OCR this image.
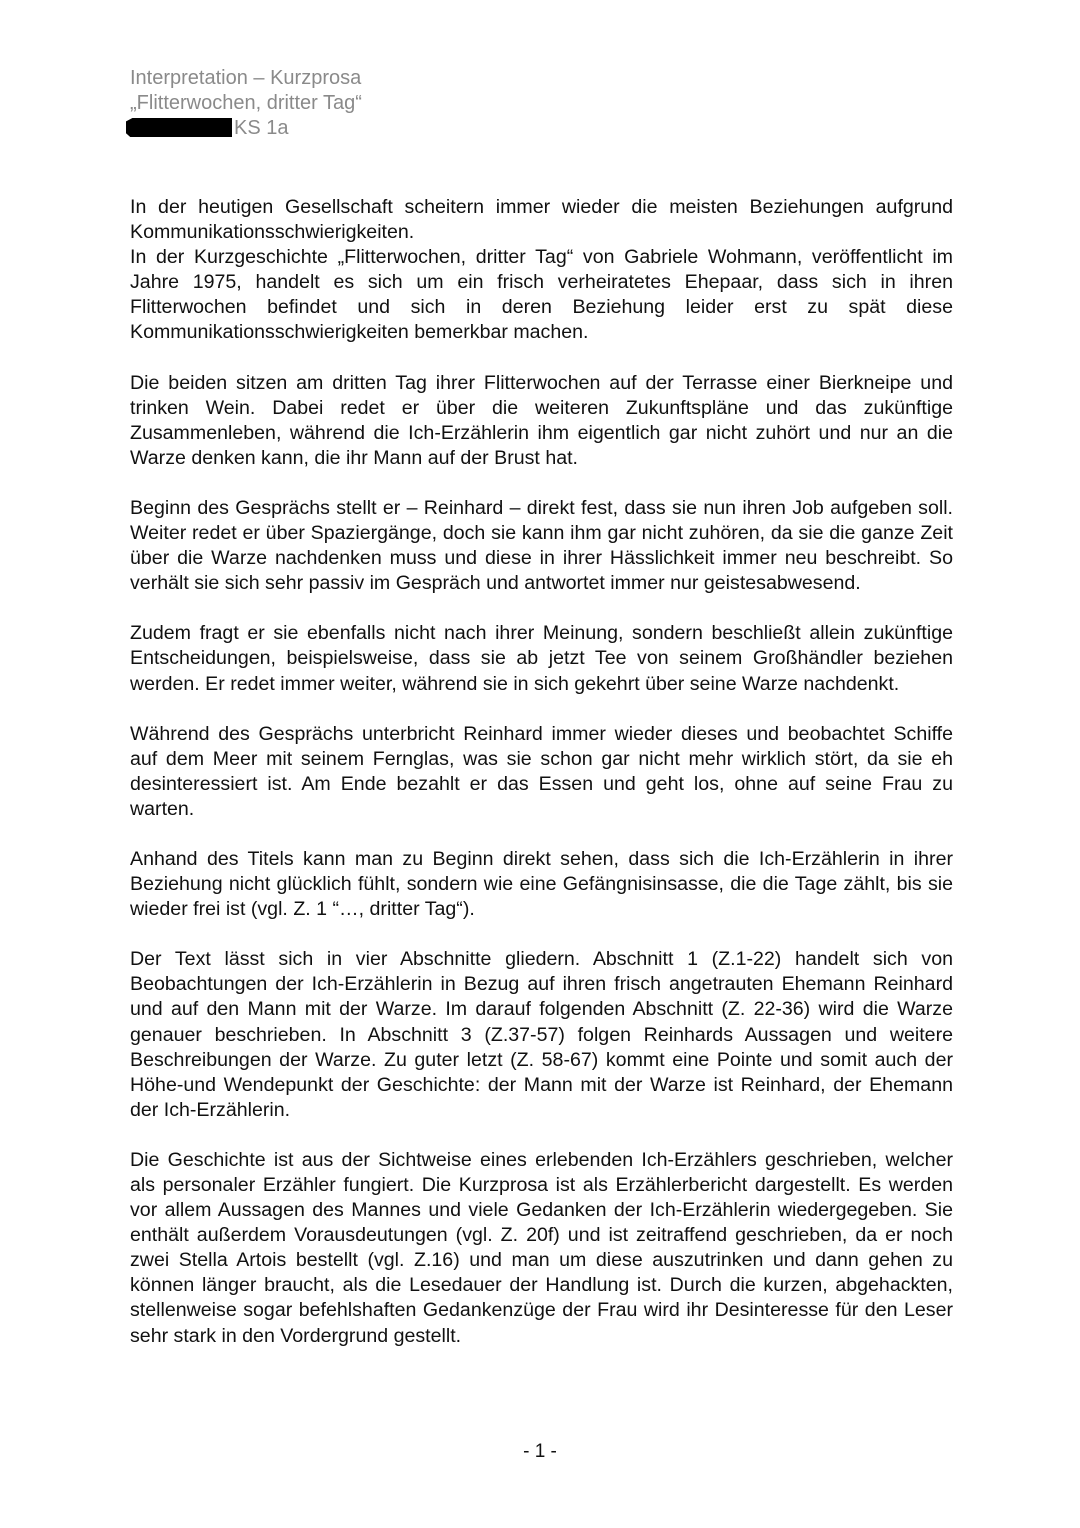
Interpretation – Kurzprosa
„Flitterwochen, dritter Tag“
KS 1a

In der heutigen Gesellschaft scheitern immer wieder die meisten Beziehungen aufgrund Kommunikationsschwierigkeiten.

In der Kurzgeschichte „Flitterwochen, dritter Tag“ von Gabriele Wohmann, veröffentlicht im Jahre 1975, handelt es sich um ein frisch verheiratetes Ehepaar, dass sich in ihren Flitterwochen befindet und sich in deren Beziehung leider erst zu spät diese Kommunikationsschwierigkeiten bemerkbar machen.

Die beiden sitzen am dritten Tag ihrer Flitterwochen auf der Terrasse einer Bierkneipe und trinken Wein. Dabei redet er über die weiteren Zukunftspläne und das zukünftige Zusammenleben, während die Ich-Erzählerin ihm eigentlich gar nicht zuhört und nur an die Warze denken kann, die ihr Mann auf der Brust hat.

Beginn des Gesprächs stellt er – Reinhard – direkt fest, dass sie nun ihren Job aufgeben soll. Weiter redet er über Spaziergänge, doch sie kann ihm gar nicht zuhören, da sie die ganze Zeit über die Warze nachdenken muss und diese in ihrer Hässlichkeit immer neu beschreibt. So verhält sie sich sehr passiv im Gespräch und antwortet immer nur geistesabwesend.

Zudem fragt er sie ebenfalls nicht nach ihrer Meinung, sondern beschließt allein zukünftige Entscheidungen, beispielsweise, dass sie ab jetzt Tee von seinem Großhändler beziehen werden. Er redet immer weiter, während sie in sich gekehrt über seine Warze nachdenkt.

Während des Gesprächs unterbricht Reinhard immer wieder dieses und beobachtet Schiffe auf dem Meer mit seinem Fernglas, was sie schon gar nicht mehr wirklich stört, da sie eh desinteressiert ist. Am Ende bezahlt er das Essen und geht los, ohne auf seine Frau zu warten.

Anhand des Titels kann man zu Beginn direkt sehen, dass sich die Ich-Erzählerin in ihrer Beziehung nicht glücklich fühlt, sondern wie eine Gefängnisinsasse, die die Tage zählt, bis sie wieder frei ist (vgl. Z. 1 “…, dritter Tag“).

Der Text lässt sich in vier Abschnitte gliedern. Abschnitt 1 (Z.1-22) handelt sich von Beobachtungen der Ich-Erzählerin in Bezug auf ihren frisch angetrauten Ehemann Reinhard und auf den Mann mit der Warze. Im darauf folgenden Abschnitt (Z. 22-36) wird die Warze genauer beschrieben. In Abschnitt 3 (Z.37-57) folgen Reinhards Aussagen und weitere Beschreibungen der Warze. Zu guter letzt (Z. 58-67) kommt eine Pointe und somit auch der Höhe-und Wendepunkt der Geschichte: der Mann mit der Warze ist Reinhard, der Ehemann der Ich-Erzählerin.

Die Geschichte ist aus der Sichtweise eines erlebenden Ich-Erzählers geschrieben, welcher als personaler Erzähler fungiert. Die Kurzprosa ist als Erzählerbericht dargestellt. Es werden vor allem Aussagen des Mannes und viele Gedanken der Ich-Erzählerin wiedergegeben. Sie enthält außerdem Vorausdeutungen (vgl. Z. 20f) und ist zeitraffend geschrieben, da er noch zwei Stella Artois bestellt (vgl. Z.16) und man um diese auszutrinken und dann gehen zu können länger braucht, als die Lesedauer der Handlung ist. Durch die kurzen, abgehackten, stellenweise sogar befehlshaften Gedankenzüge der Frau wird ihr Desinteresse für den Leser sehr stark in den Vordergrund gestellt.

- 1 -
